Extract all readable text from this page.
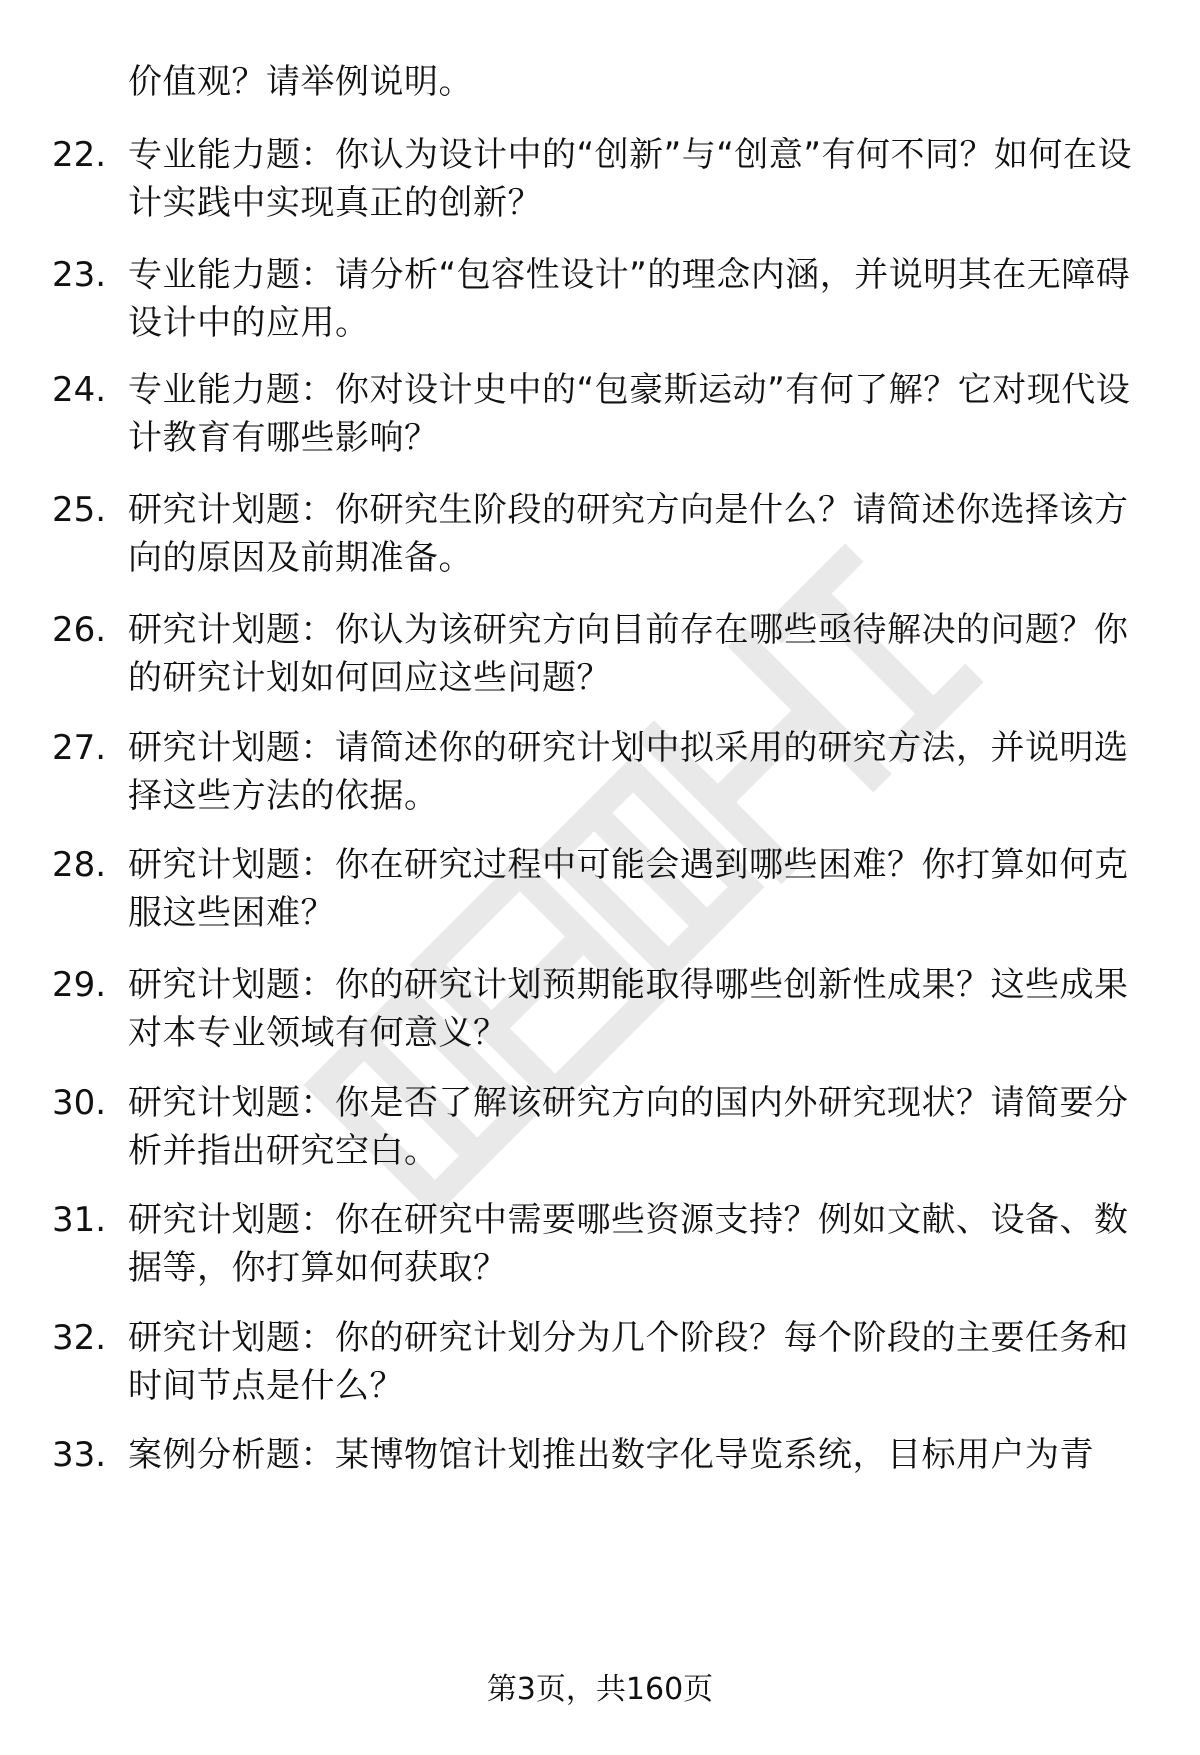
价值观？请举例说明。
22. 专业能力题：你认为设计中的“创新”与“创意”有何不同？如何在设计实践中实现真正的创新？
23. 专业能力题：请分析“包容性设计”的理念内涵，并说明其在无障碍设计中的应用。
24. 专业能力题：你对设计史中的“包豪斯运动”有何了解？它对现代设计教育有哪些影响？
25. 研究计划题：你研究生阶段的研究方向是什么？请简述你选择该方向的原因及前期准备。
26. 研究计划题：你认为该研究方向目前存在哪些亟待解决的问题？你的研究计划如何回应这些问题？
27. 研究计划题：请简述你的研究计划中拟采用的研究方法，并说明选择这些方法的依据。
28. 研究计划题：你在研究过程中可能会遇到哪些困难？你打算如何克服这些困难？
29. 研究计划题：你的研究计划预期能取得哪些创新性成果？这些成果对本专业领域有何意义？
30. 研究计划题：你是否了解该研究方向的国内外研究现状？请简要分析并指出研究空白。
31. 研究计划题：你在研究中需要哪些资源支持？例如文献、设备、数据等，你打算如何获取？
32. 研究计划题：你的研究计划分为几个阶段？每个阶段的主要任务和时间节点是什么？
33. 案例分析题：某博物馆计划推出数字化导览系统，目标用户为青
第3页，共160页
